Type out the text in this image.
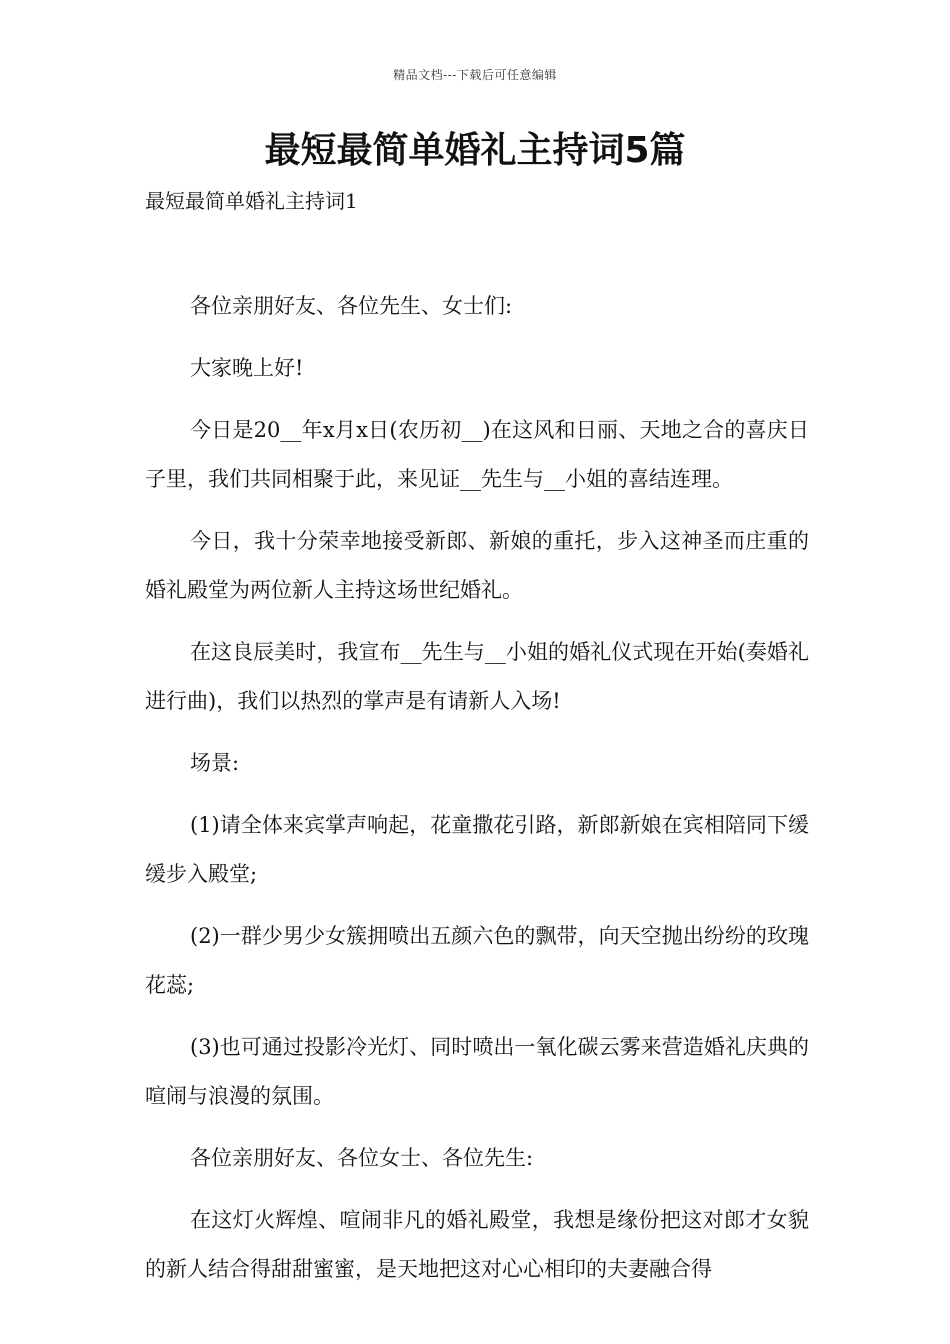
精品文档---下载后可任意编辑
最短最简单婚礼主持词5篇
最短最简单婚礼主持词1

各位亲朋好友、各位先生、女士们:

大家晚上好!

今日是20__年x月x日(农历初__)在这风和日丽、天地之合的喜庆日子里，我们共同相聚于此，来见证__先生与__小姐的喜结连理。

今日，我十分荣幸地接受新郎、新娘的重托，步入这神圣而庄重的婚礼殿堂为两位新人主持这场世纪婚礼。

在这良辰美时，我宣布__先生与__小姐的婚礼仪式现在开始(奏婚礼进行曲)，我们以热烈的掌声是有请新人入场!

场景:

(1)请全体来宾掌声响起，花童撒花引路，新郎新娘在宾相陪同下缓缓步入殿堂;

(2)一群少男少女簇拥喷出五颜六色的飘带，向天空抛出纷纷的玫瑰花蕊;

(3)也可通过投影冷光灯、同时喷出一氧化碳云雾来营造婚礼庆典的喧闹与浪漫的氛围。

各位亲朋好友、各位女士、各位先生:

在这灯火辉煌、喧闹非凡的婚礼殿堂，我想是缘份把这对郎才女貌的新人结合得甜甜蜜蜜，是天地把这对心心相印的夫妻融合得
